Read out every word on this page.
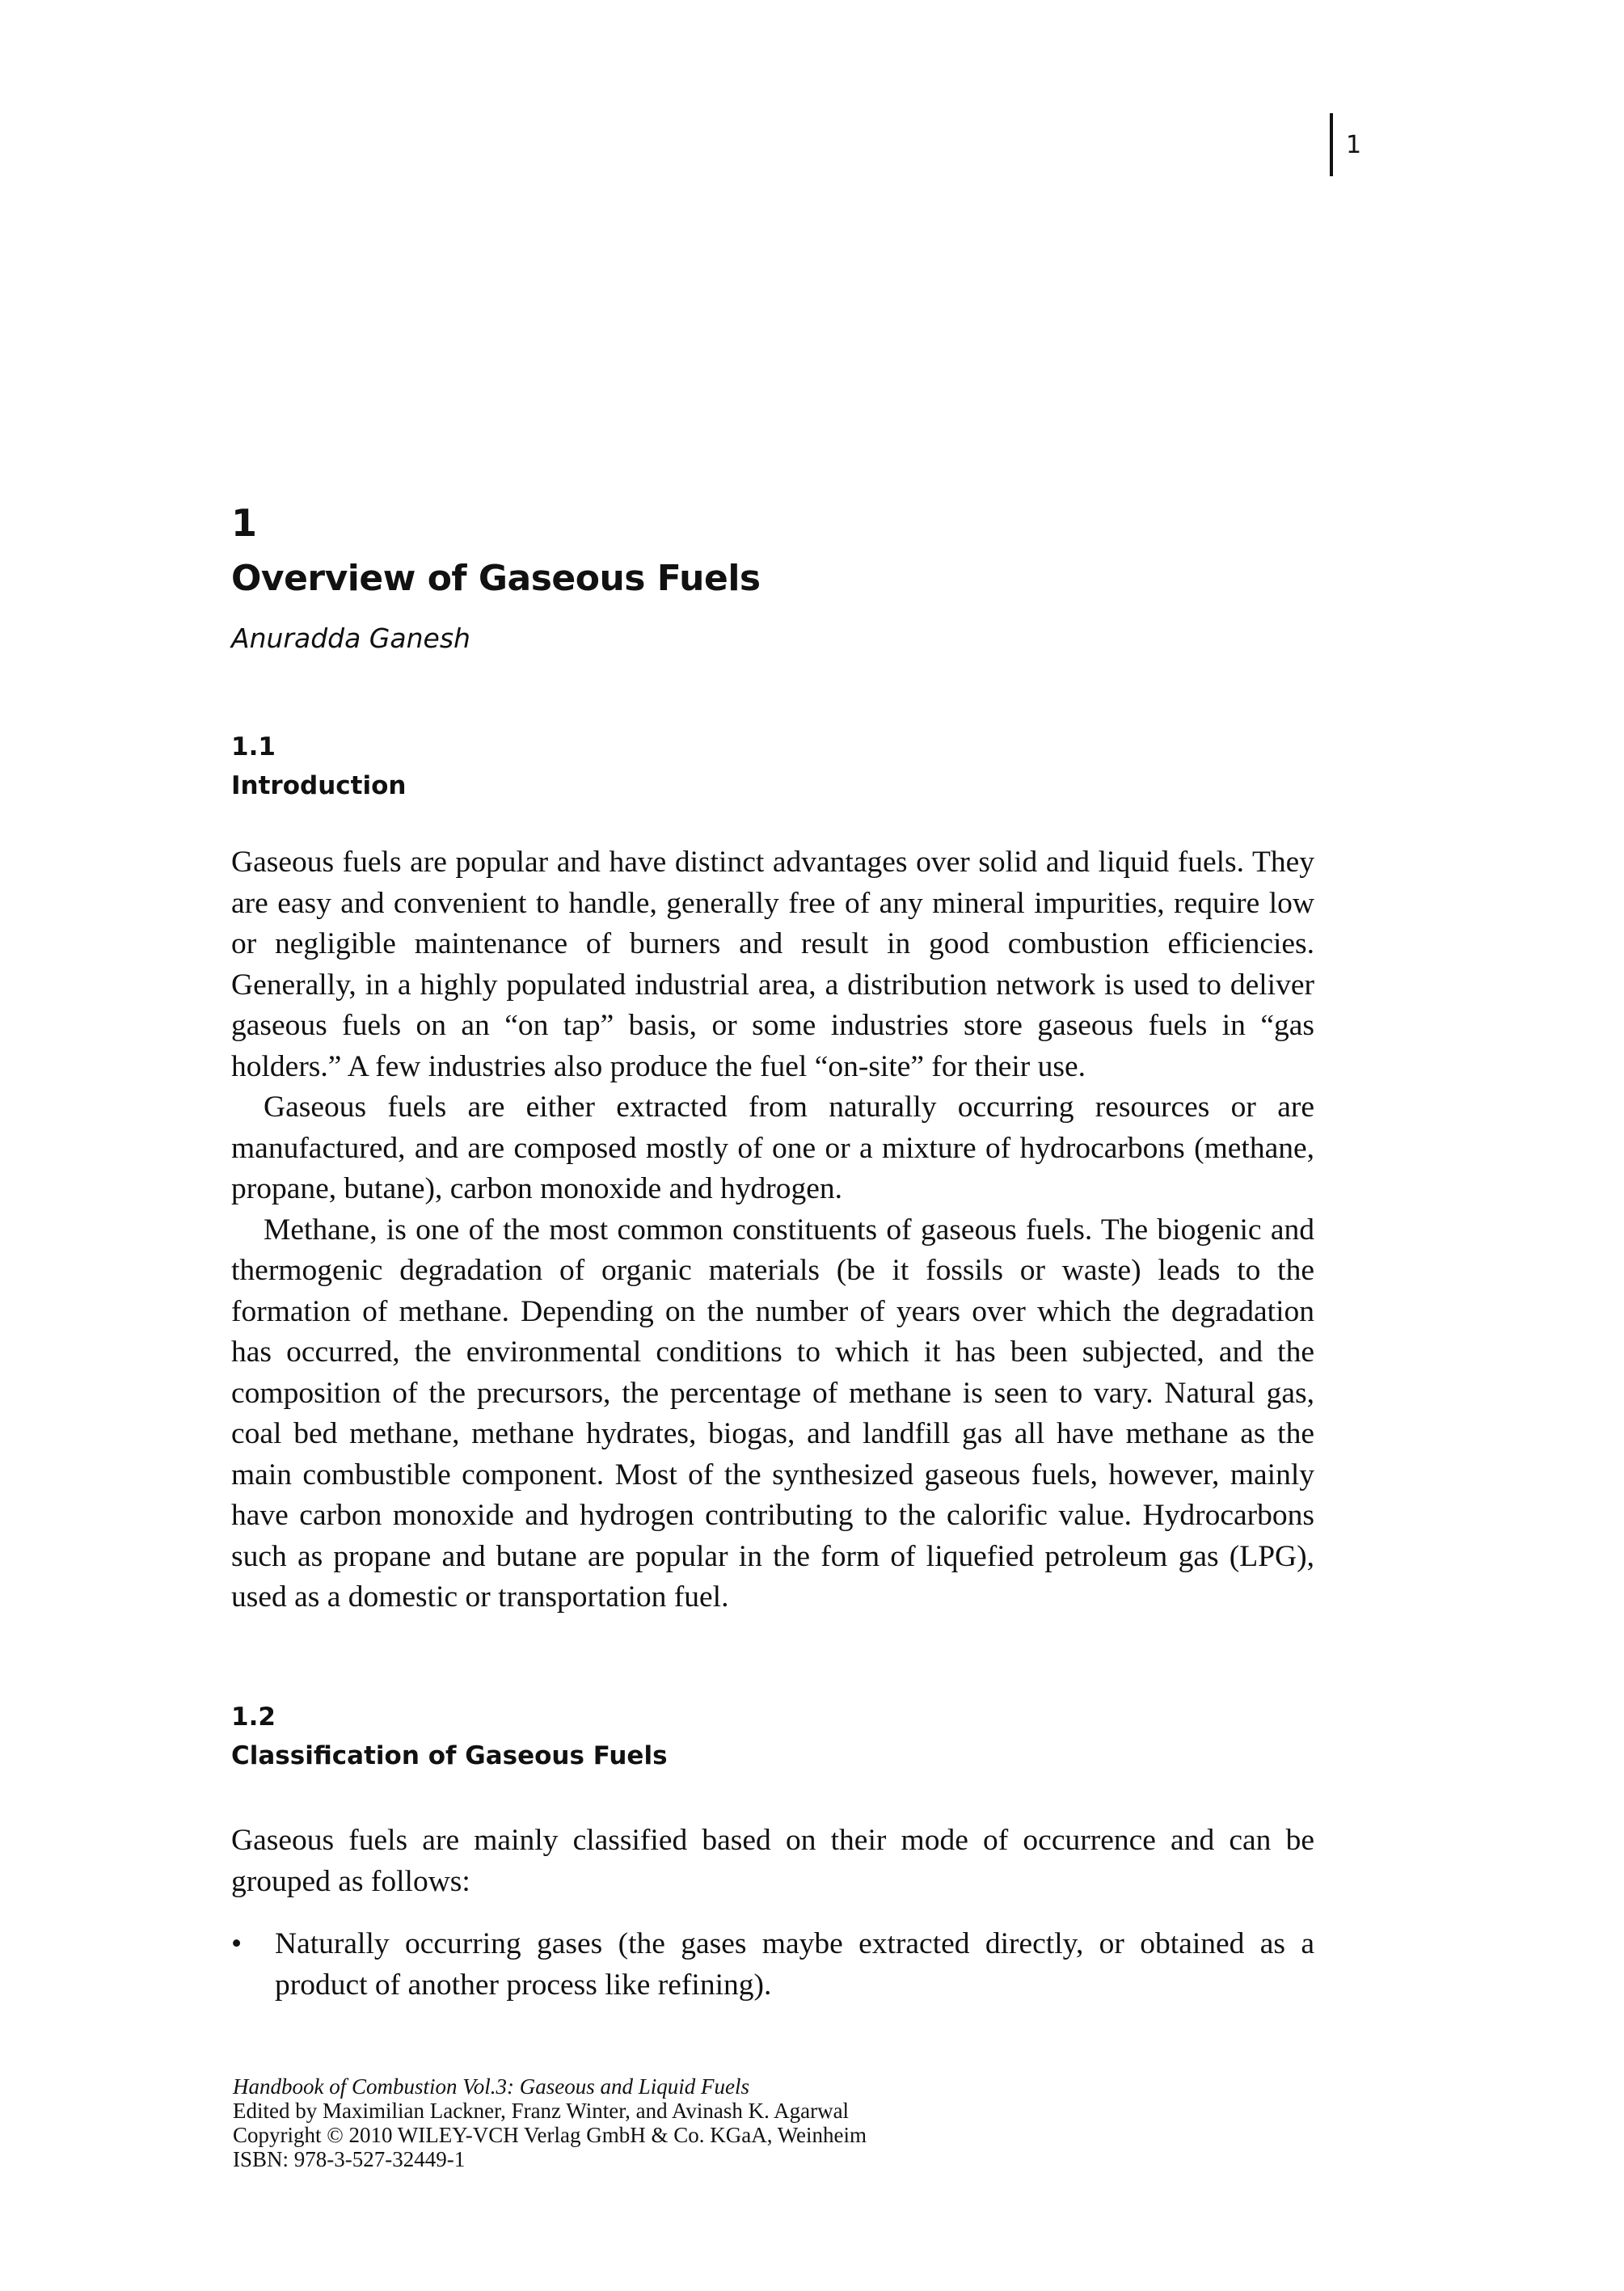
1
1
Overview of Gaseous Fuels
Anuradda Ganesh
1.1
Introduction

Gaseous fuels are popular and have distinct advantages over solid and liquid fuels. They are easy and convenient to handle, generally free of any mineral impurities, require low or negligible maintenance of burners and result in good combustion efficiencies. Generally, in a highly populated industrial area, a distribution network is used to deliver gaseous fuels on an “on tap” basis, or some industries store gaseous fuels in “gas holders.” A few industries also produce the fuel “on-site” for their use.

Gaseous fuels are either extracted from naturally occurring resources or are manufactured, and are composed mostly of one or a mixture of hydrocarbons (methane, propane, butane), carbon monoxide and hydrogen.

Methane, is one of the most common constituents of gaseous fuels. The biogenic and thermogenic degradation of organic materials (be it fossils or waste) leads to the formation of methane. Depending on the number of years over which the degradation has occurred, the environmental conditions to which it has been subjected, and the composition of the precursors, the percentage of methane is seen to vary. Natural gas, coal bed methane, methane hydrates, biogas, and landfill gas all have methane as the main combustible component. Most of the synthesized gaseous fuels, however, mainly have carbon monoxide and hydrogen contributing to the calorific value. Hydrocarbons such as propane and butane are popular in the form of liquefied petroleum gas (LPG), used as a domestic or transportation fuel.

1.2
Classification of Gaseous Fuels

Gaseous fuels are mainly classified based on their mode of occurrence and can be grouped as follows:

• Naturally occurring gases (the gases maybe extracted directly, or obtained as a product of another process like refining).
Handbook of Combustion Vol.3: Gaseous and Liquid Fuels
Edited by Maximilian Lackner, Franz Winter, and Avinash K. Agarwal
Copyright © 2010 WILEY-VCH Verlag GmbH & Co. KGaA, Weinheim
ISBN: 978-3-527-32449-1
